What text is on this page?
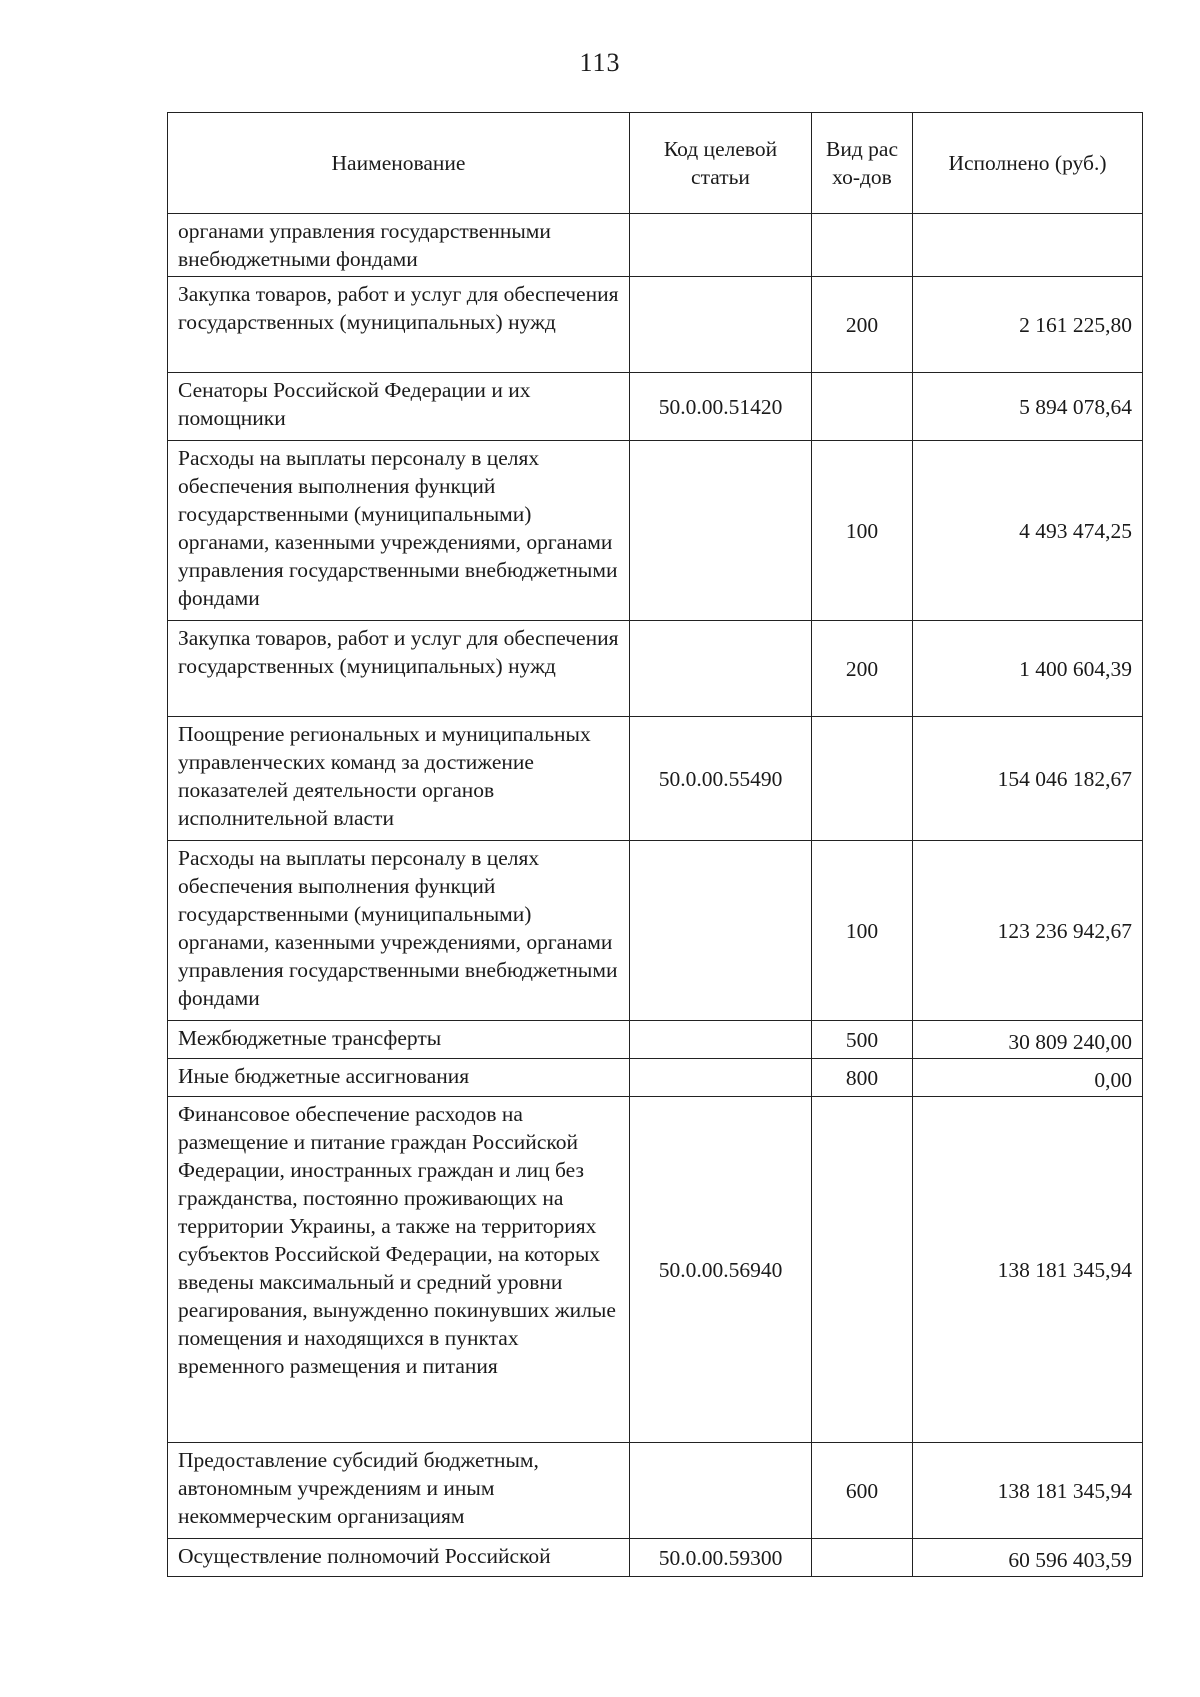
113
Наименование	Код целевой статьи	Вид расхо-дов	Исполнено (руб.)
органами управления государственными внебюджетными фондами			
Закупка товаров, работ и услуг для обеспечения государственных (муниципальных) нужд		200	2 161 225,80
Сенаторы Российской Федерации и их помощники	50.0.00.51420		5 894 078,64
Расходы на выплаты персоналу в целях обеспечения выполнения функций государственными (муниципальными) органами, казенными учреждениями, органами управления государственными внебюджетными фондами		100	4 493 474,25
Закупка товаров, работ и услуг для обеспечения государственных (муниципальных) нужд		200	1 400 604,39
Поощрение региональных и муниципальных управленческих команд за достижение показателей деятельности органов исполнительной власти	50.0.00.55490		154 046 182,67
Расходы на выплаты персоналу в целях обеспечения выполнения функций государственными (муниципальными) органами, казенными учреждениями, органами управления государственными внебюджетными фондами		100	123 236 942,67
Межбюджетные трансферты		500	30 809 240,00
Иные бюджетные ассигнования		800	0,00
Финансовое обеспечение расходов на размещение и питание граждан Российской Федерации, иностранных граждан и лиц без гражданства, постоянно проживающих на территории Украины, а также на территориях субъектов Российской Федерации, на которых введены максимальный и средний уровни реагирования, вынужденно покинувших жилые помещения и находящихся в пунктах временного размещения и питания	50.0.00.56940		138 181 345,94
Предоставление субсидий бюджетным, автономным учреждениям и иным некоммерческим организациям		600	138 181 345,94
Осуществление полномочий Российской	50.0.00.59300		60 596 403,59
